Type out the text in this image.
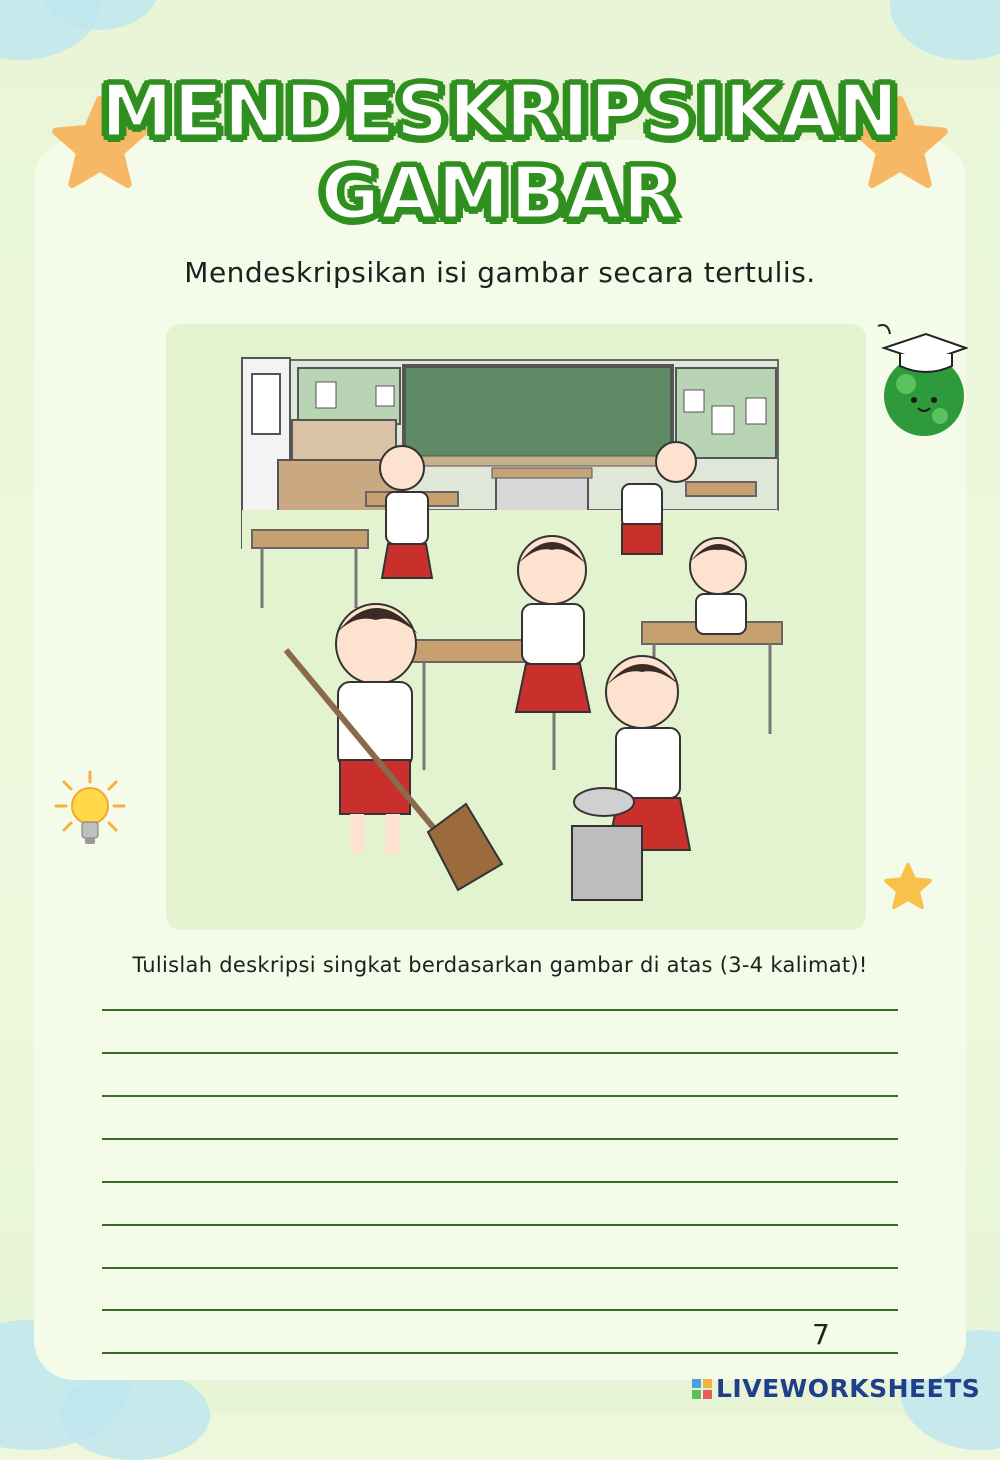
MENDESKRIPSIKAN
GAMBAR
Mendeskripsikan isi gambar secara tertulis.
Tulislah deskripsi singkat berdasarkan gambar di atas (3-4 kalimat)!
7
LIVEWORKSHEETS
